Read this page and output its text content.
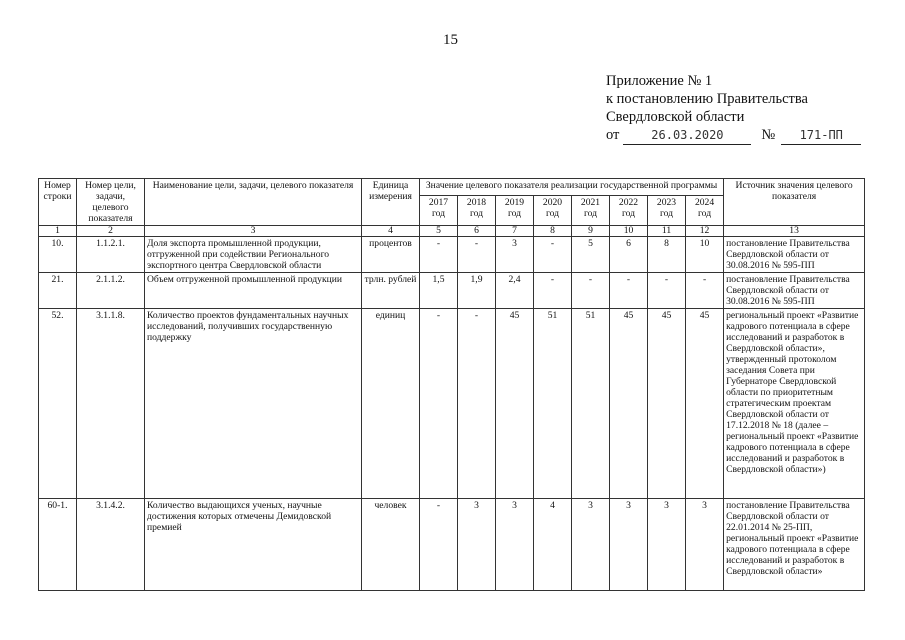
15
Приложение № 1
к постановлению Правительства
Свердловской области
от	26.03.2020	№	171-ПП
Номер строки	Номер цели, задачи, целевого показателя	Наименование цели, задачи, целевого показателя	Единица измерения	Значение целевого показателя реализации государственной программы								Источник значения целевого показателя
				2017 год	2018 год	2019 год	2020 год	2021 год	2022 год	2023 год	2024 год	
1	2	3	4	5	6	7	8	9	10	11	12	13
10.	1.1.2.1.	Доля экспорта промышленной продукции, отгруженной при содействии Регионального экспортного центра Свердловской области	процентов	-	-	3	-	5	6	8	10	постановление Правительства Свердловской области от 30.08.2016 № 595-ПП
21.	2.1.1.2.	Объем отгруженной промышленной продукции	трлн. рублей	1,5	1,9	2,4	-	-	-	-	-	постановление Правительства Свердловской области от 30.08.2016 № 595-ПП
52.	3.1.1.8.	Количество проектов фундаментальных научных исследований, получивших государственную поддержку	единиц	-	-	45	51	51	45	45	45	региональный проект «Развитие кадрового потенциала в сфере исследований и разработок в Свердловской области», утвержденный протоколом заседания Совета при Губернаторе Свердловской области по приоритетным стратегическим проектам Свердловской области от 17.12.2018 № 18 (далее – региональный проект «Развитие кадрового потенциала в сфере исследований и разработок в Свердловской области»)
60-1.	3.1.4.2.	Количество выдающихся ученых, научные достижения которых отмечены Демидовской премией	человек	-	3	3	4	3	3	3	3	постановление Правительства Свердловской области от 22.01.2014 № 25-ПП, региональный проект «Развитие кадрового потенциала в сфере исследований и разработок в Свердловской области»
